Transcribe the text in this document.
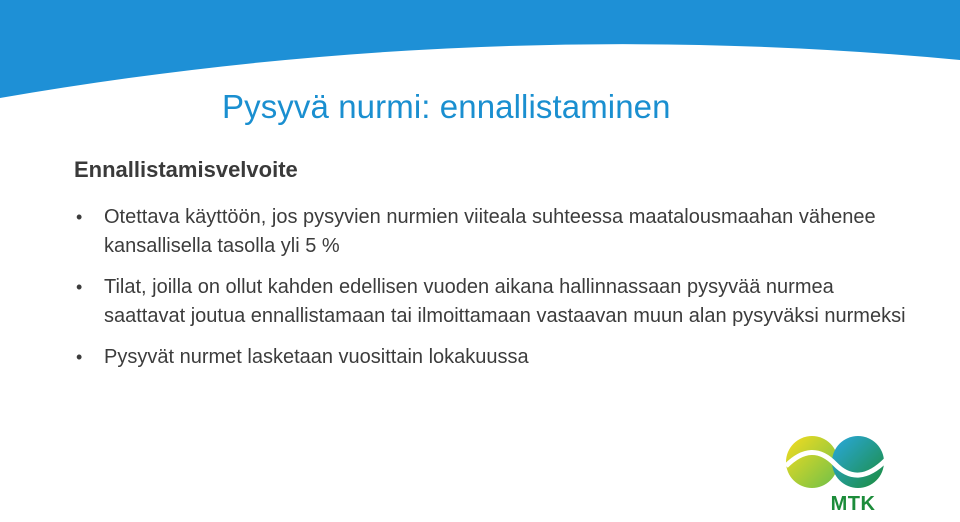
Pysyvä nurmi: ennallistaminen
Ennallistamisvelvoite
• Otettava käyttöön, jos pysyvien nurmien viiteala suhteessa maatalousmaahan vähenee kansallisella tasolla yli 5 %
• Tilat, joilla on ollut kahden edellisen vuoden aikana hallinnassaan pysyvää nurmea saattavat joutua ennallistamaan tai ilmoittamaan vastaavan muun alan pysyväksi nurmeksi
• Pysyvät nurmet lasketaan vuosittain lokakuussa
MTK
